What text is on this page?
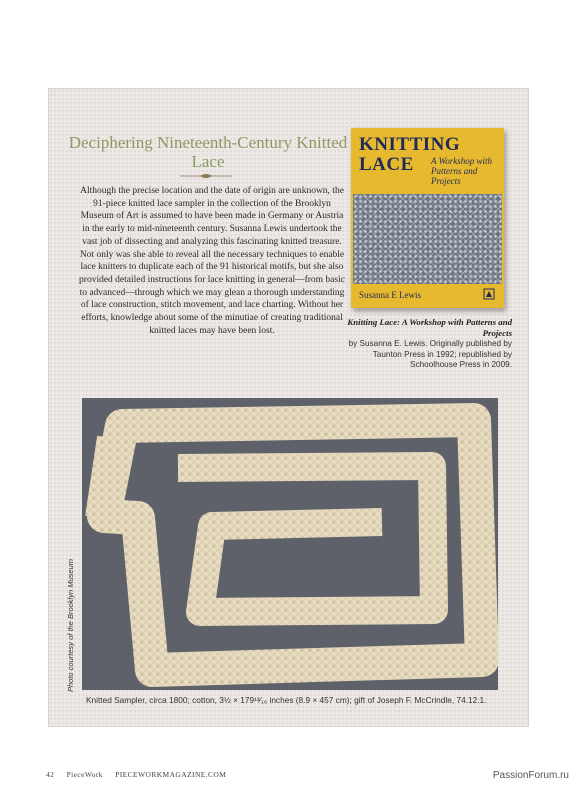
Deciphering Nineteenth-Century Knitted Lace

Although the precise location and the date of origin are unknown, the 91-piece knitted lace sampler in the collection of the Brooklyn Museum of Art is assumed to have been made in Germany or Austria in the early to mid-nineteenth century. Susanna Lewis undertook the vast job of dissecting and analyzing this fascinating knitted treasure. Not only was she able to reveal all the necessary techniques to enable lace knitters to duplicate each of the 91 historical motifs, but she also provided detailed instructions for lace knitting in general—from basic to advanced—through which we may glean a thorough understanding of lace construction, stitch movement, and lace charting. Without her efforts, knowledge about some of the minutiae of creating traditional knitted laces may have been lost.

KNITTING
LACE A Workshop with Patterns and Projects
Susanna E Lewis
Knitting Lace: A Workshop with Patterns and Projects
by Susanna E. Lewis. Originally published by Taunton Press in 1992; republished by Schoolhouse Press in 2009.
Knitted Sampler, circa 1800; cotton, 3½ × 179¹³⁄₁₆ inches (8.9 × 457 cm); gift of Joseph F. McCrindle, 74.12.1.
42 PieceWork PIECEWORKMAGAZINE.COM	PassionForum.ru
